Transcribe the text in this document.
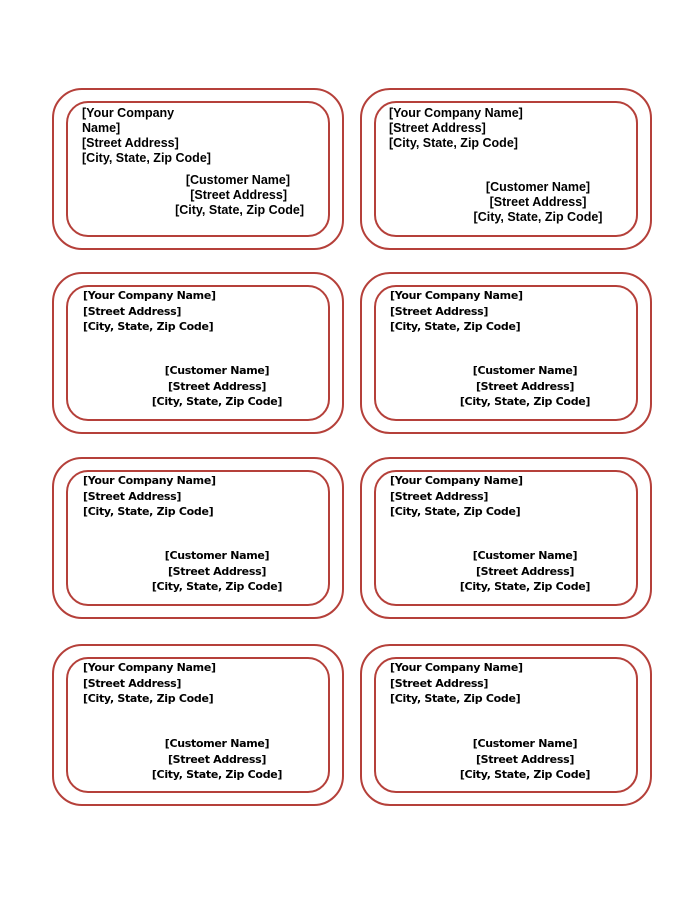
[Your Company
Name]
[Street Address]
[City, State, Zip Code]
[Customer Name]
[Street Address]
[City, State, Zip Code]
[Your Company Name]
[Street Address]
[City, State, Zip Code]
[Customer Name]
[Street Address]
[City, State, Zip Code]
[Your Company Name]
[Street Address]
[City, State, Zip Code]
[Customer Name]
[Street Address]
[City, State, Zip Code]
[Your Company Name]
[Street Address]
[City, State, Zip Code]
[Customer Name]
[Street Address]
[City, State, Zip Code]
[Your Company Name]
[Street Address]
[City, State, Zip Code]
[Customer Name]
[Street Address]
[City, State, Zip Code]
[Your Company Name]
[Street Address]
[City, State, Zip Code]
[Customer Name]
[Street Address]
[City, State, Zip Code]
[Your Company Name]
[Street Address]
[City, State, Zip Code]
[Customer Name]
[Street Address]
[City, State, Zip Code]
[Your Company Name]
[Street Address]
[City, State, Zip Code]
[Customer Name]
[Street Address]
[City, State, Zip Code]
